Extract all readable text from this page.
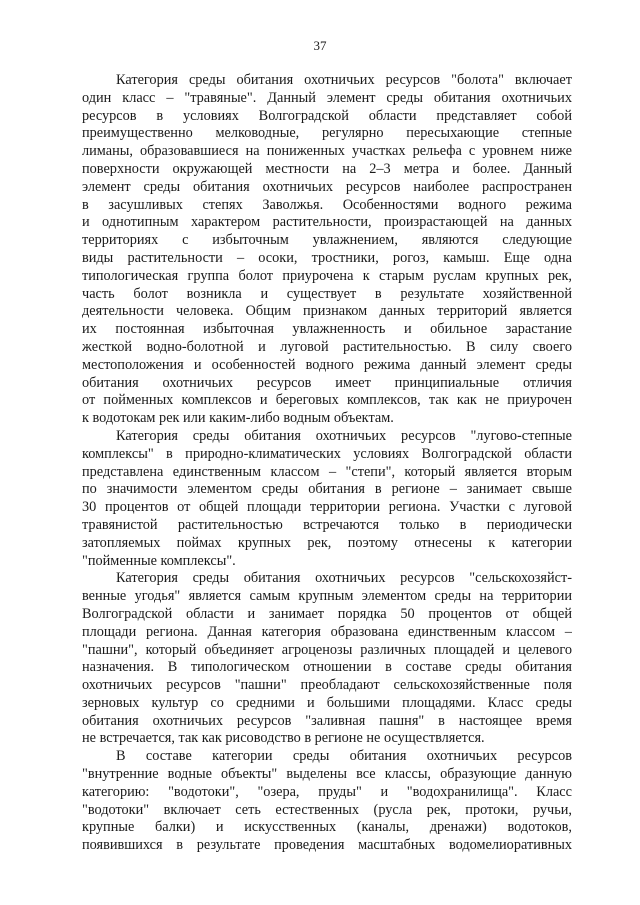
37
Категория среды обитания охотничьих ресурсов "болота" включает
один класс – "травяные". Данный элемент среды обитания охотничьих
ресурсов в условиях Волгоградской области представляет собой
преимущественно мелководные, регулярно пересыхающие степные
лиманы, образовавшиеся на пониженных участках рельефа с уровнем ниже
поверхности окружающей местности на 2–3 метра и более. Данный
элемент среды обитания охотничьих ресурсов наиболее распространен
в засушливых степях Заволжья. Особенностями водного режима
и однотипным характером растительности, произрастающей на данных
территориях с избыточным увлажнением, являются следующие
виды растительности – осоки, тростники, рогоз, камыш. Еще одна
типологическая группа болот приурочена к старым руслам крупных рек,
часть болот возникла и существует в результате хозяйственной
деятельности человека. Общим признаком данных территорий является
их постоянная избыточная увлажненность и обильное зарастание
жесткой водно-болотной и луговой растительностью. В силу своего
местоположения и особенностей водного режима данный элемент среды
обитания охотничьих ресурсов имеет принципиальные отличия
от пойменных комплексов и береговых комплексов, так как не приурочен
к водотокам рек или каким-либо водным объектам.
Категория среды обитания охотничьих ресурсов "лугово-степные
комплексы" в природно-климатических условиях Волгоградской области
представлена единственным классом – "степи", который является вторым
по значимости элементом среды обитания в регионе – занимает свыше
30 процентов от общей площади территории региона. Участки с луговой
травянистой растительностью встречаются только в периодически
затопляемых поймах крупных рек, поэтому отнесены к категории
"пойменные комплексы".
Категория среды обитания охотничьих ресурсов "сельскохозяйст-
венные угодья" является самым крупным элементом среды на территории
Волгоградской области и занимает порядка 50 процентов от общей
площади региона. Данная категория образована единственным классом –
"пашни", который объединяет агроценозы различных площадей и целевого
назначения. В типологическом отношении в составе среды обитания
охотничьих ресурсов "пашни" преобладают сельскохозяйственные поля
зерновых культур со средними и большими площадями. Класс среды
обитания охотничьих ресурсов "заливная пашня" в настоящее время
не встречается, так как рисоводство в регионе не осуществляется.
В составе категории среды обитания охотничьих ресурсов
"внутренние водные объекты" выделены все классы, образующие данную
категорию: "водотоки", "озера, пруды" и "водохранилища". Класс
"водотоки" включает сеть естественных (русла рек, протоки, ручьи,
крупные балки) и искусственных (каналы, дренажи) водотоков,
появившихся в результате проведения масштабных водомелиоративных
